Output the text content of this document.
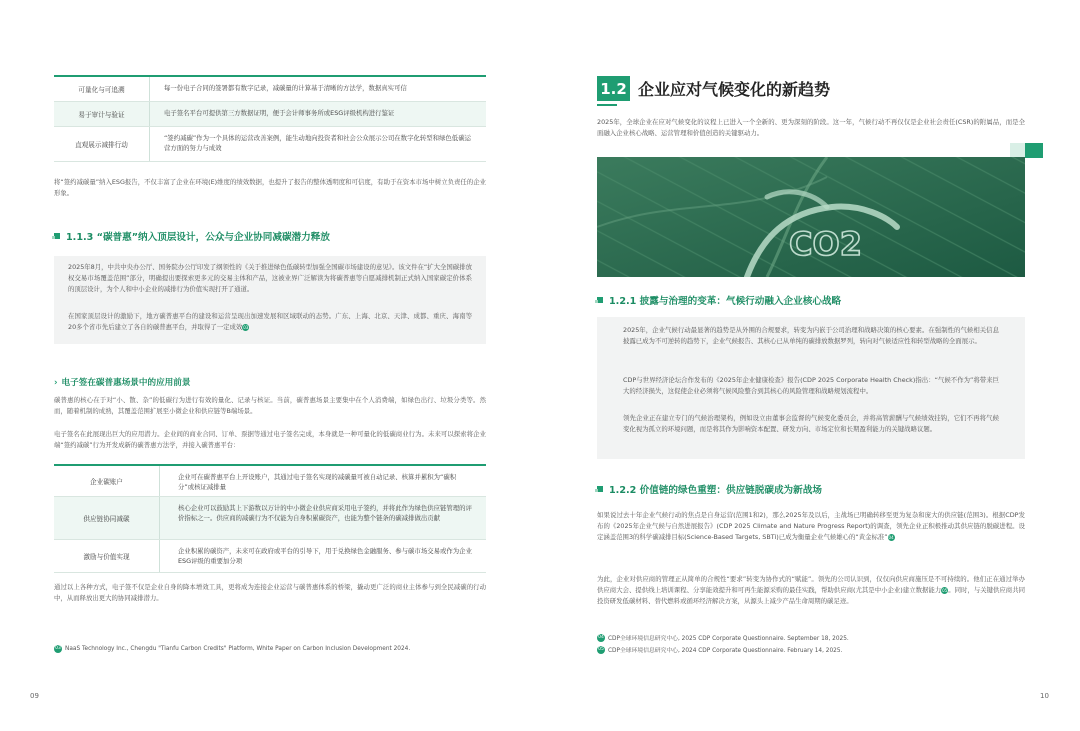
可量化与可追溯	每一份电子合同的签署都有数字记录，减碳量的计算基于清晰的方法学，数据真实可信
易于审计与验证	电子签名平台可提供第三方数据证明，便于会计师事务所或ESG评级机构进行鉴证
直观展示减排行动
“签约减碳”作为一个具体的运营改善案例，能生动地向投资者和社会公众展示公司在数字化转型和绿色低碳运营方面的努力与成效

将“签约减碳量”纳入ESG报告，不仅丰富了企业在环境(E)维度的绩效数据，也提升了报告的整体透明度和可信度，有助于在资本市场中树立负责任的企业形象。

1.1.3 “碳普惠”纳入顶层设计，公众与企业协同减碳潜力释放

2025年8月，中共中央办公厅、国务院办公厅印发了纲领性的《关于推进绿色低碳转型加强全国碳市场建设的意见》。该文件在“扩大全国碳排放权交易市场覆盖范围”部分，明确提出要探索更多元的交易主体和产品，这被业界广泛解读为将碳普惠等自愿减排机制正式纳入国家碳定价体系的顶层设计，为个人和中小企业的减排行为价值实现打开了通道。

在国家顶层设计的激励下，地方碳普惠平台的建设和运营呈现出加速发展和区域联动的态势。广东、上海、北京、天津、成都、重庆、海南等20多个省市先后建立了各自的碳普惠平台，并取得了一定成效03

› 电子签在碳普惠场景中的应用前景

碳普惠的核心在于对“小、散、杂”的低碳行为进行有效的量化、记录与核证。当前，碳普惠场景主要集中在个人消费端，如绿色出行、垃圾分类等。然而，随着机制的成熟，其覆盖范围扩展至小微企业和供应链等B端场景。

电子签名在此展现出巨大的应用潜力。企业间的商业合同、订单、票据等通过电子签名完成，本身就是一种可量化的低碳商业行为。未来可以探索将企业端“签约减碳”行为开发成新的碳普惠方法学，并接入碳普惠平台：

企业碳账户
企业可在碳普惠平台上开设账户，其通过电子签名实现的减碳量可被自动记录、核算并累积为“碳积分”或核证减排量
供应链协同减碳
核心企业可以鼓励其上下游数以万计的中小微企业供应商采用电子签约，并将此作为绿色供应链管理的评价指标之一。供应商的减碳行为不仅能为自身积累碳资产，也能为整个链条的碳减排做出贡献
激励与价值实现
企业积累的碳资产，未来可在政府或平台的引导下，用于兑换绿色金融服务、参与碳市场交易或作为企业ESG评级的重要加分项

通过以上各种方式，电子签不仅是企业自身的降本增效工具，更将成为连接企业运营与碳普惠体系的桥梁，撬动更广泛的商业主体参与到全民减碳的行动中，从而释放出更大的协同减排潜力。

03 NaaS Technology Inc., Chengdu "Tianfu Carbon Credits" Platform, White Paper on Carbon Inclusion Development 2024.
09
1.2 企业应对气候变化的新趋势

2025年，全球企业在应对气候变化的议程上已进入一个全新的、更为深刻的阶段。这一年，气候行动不再仅仅是企业社会责任(CSR)的附属品，而是全面融入企业核心战略、运营管理和价值创造的关键驱动力。

CO2
1.2.1 披露与治理的变革：气候行动融入企业核心战略

2025年，企业气候行动最显著的趋势是从外围的合规要求，转变为内嵌于公司治理和战略决策的核心要素。在强制性的气候相关信息披露已成为不可逆转的趋势下，企业气候报告、其核心已从单纯的碳排放数据罗列，转向对气候适应性和转型战略的全面展示。

CDP与世界经济论坛合作发布的《2025年企业健康检查》报告(CDP 2025 Corporate Health Check)指出：“气候不作为”将带来巨大的经济损失，这促使企业必须将气候风险整合到其核心的风险管理和战略规划流程中。

领先企业正在建立专门的气候治理架构，例如设立由董事会监督的气候变化委员会，并将高管薪酬与气候绩效挂钩，它们不再将气候变化视为孤立的环境问题，而是将其作为影响资本配置、研发方向、市场定位和长期盈利能力的关键战略议题。

1.2.2 价值链的绿色重塑：供应链脱碳成为新战场

如果说过去十年企业气候行动的焦点是自身运营(范围1和2)，那么2025年及以后，主战场已明确转移至更为复杂和庞大的供应链(范围3)。根据CDP发布的《2025年企业气候与自然进展报告》(CDP 2025 Climate and Nature Progress Report)的调查，领先企业正积极推动其供应链的脱碳进程。设定涵盖范围3的科学碳减排目标(Science-Based Targets, SBTi)已成为衡量企业气候雄心的“黄金标准”04

为此，企业对供应商的管理正从简单的合规性“要求”转变为协作式的“赋能”。领先的公司认识到，仅仅向供应商施压是不可持续的。他们正在通过举办供应商大会、提供线上培训课程、分享能效提升和可再生能源采购的最佳实践，帮助供应商(尤其是中小企业)建立数据能力05。同时，与关键供应商共同投资研发低碳材料、替代燃料或循环经济解决方案，从源头上减少产品生命周期的碳足迹。

04 CDP全球环境信息研究中心, 2025 CDP Corporate Questionnaire. September 18, 2025.
05 CDP全球环境信息研究中心, 2024 CDP Corporate Questionnaire. February 14, 2025.
10
